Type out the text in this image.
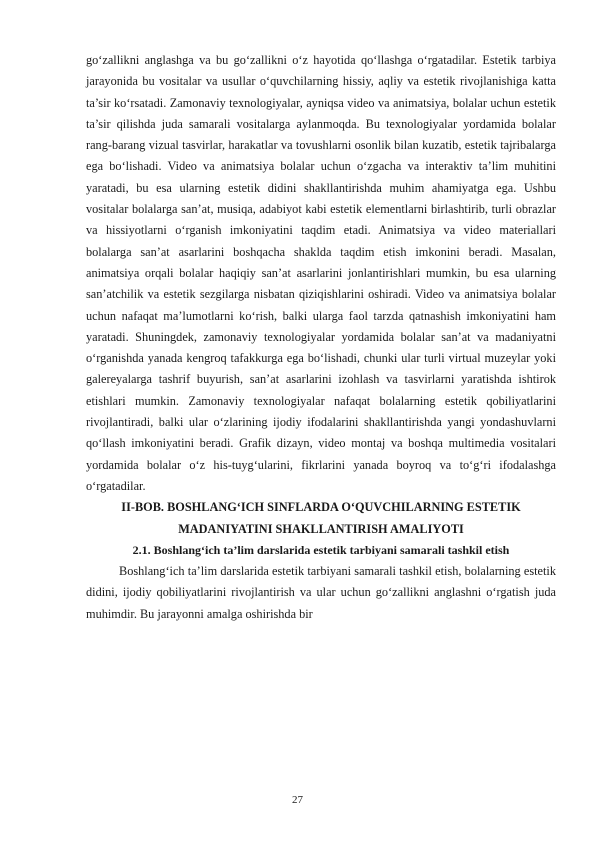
go‘zallikni anglashga va bu go‘zallikni o‘z hayotida qo‘llashga o‘rgatadilar. Estetik tarbiya jarayonida bu vositalar va usullar o‘quvchilarning hissiy, aqliy va estetik rivojlanishiga katta ta’sir ko‘rsatadi. Zamonaviy texnologiyalar, ayniqsa video va animatsiya, bolalar uchun estetik ta’sir qilishda juda samarali vositalarga aylanmoqda. Bu texnologiyalar yordamida bolalar rang-barang vizual tasvirlar, harakatlar va tovushlarni osonlik bilan kuzatib, estetik tajribalarga ega bo‘lishadi. Video va animatsiya bolalar uchun o‘zgacha va interaktiv ta’lim muhitini yaratadi, bu esa ularning estetik didini shakllantirishda muhim ahamiyatga ega. Ushbu vositalar bolalarga san’at, musiqa, adabiyot kabi estetik elementlarni birlashtirib, turli obrazlar va hissiyotlarni o‘rganish imkoniyatini taqdim etadi. Animatsiya va video materiallari bolalarga san’at asarlarini boshqacha shaklda taqdim etish imkonini beradi. Masalan, animatsiya orqali bolalar haqiqiy san’at asarlarini jonlantirishlari mumkin, bu esa ularning san’atchilik va estetik sezgilarga nisbatan qiziqishlarini oshiradi. Video va animatsiya bolalar uchun nafaqat ma’lumotlarni ko‘rish, balki ularga faol tarzda qatnashish imkoniyatini ham yaratadi. Shuningdek, zamonaviy texnologiyalar yordamida bolalar san’at va madaniyatni o‘rganishda yanada kengroq tafakkurga ega bo‘lishadi, chunki ular turli virtual muzeylar yoki galereyalarga tashrif buyurish, san’at asarlarini izohlash va tasvirlarni yaratishda ishtirok etishlari mumkin. Zamonaviy texnologiyalar nafaqat bolalarning estetik qobiliyatlarini rivojlantiradi, balki ular o‘zlarining ijodiy ifodalarini shakllantirishda yangi yondashuvlarni qo‘llash imkoniyatini beradi. Grafik dizayn, video montaj va boshqa multimedia vositalari yordamida bolalar o‘z his-tuyg‘ularini, fikrlarini yanada boyroq va to‘g‘ri ifodalashga o‘rgatadilar.

II-BOB. BOSHLANG‘ICH SINFLARDA O‘QUVCHILARNING ESTETIK
MADANIYATINI SHAKLLANTIRISH AMALIYOTI

2.1. Boshlang‘ich ta’lim darslarida estetik tarbiyani samarali tashkil etish

Boshlang‘ich ta’lim darslarida estetik tarbiyani samarali tashkil etish, bolalarning estetik didini, ijodiy qobiliyatlarini rivojlantirish va ular uchun go‘zallikni anglashni o‘rgatish juda muhimdir. Bu jarayonni amalga oshirishda bir

27
